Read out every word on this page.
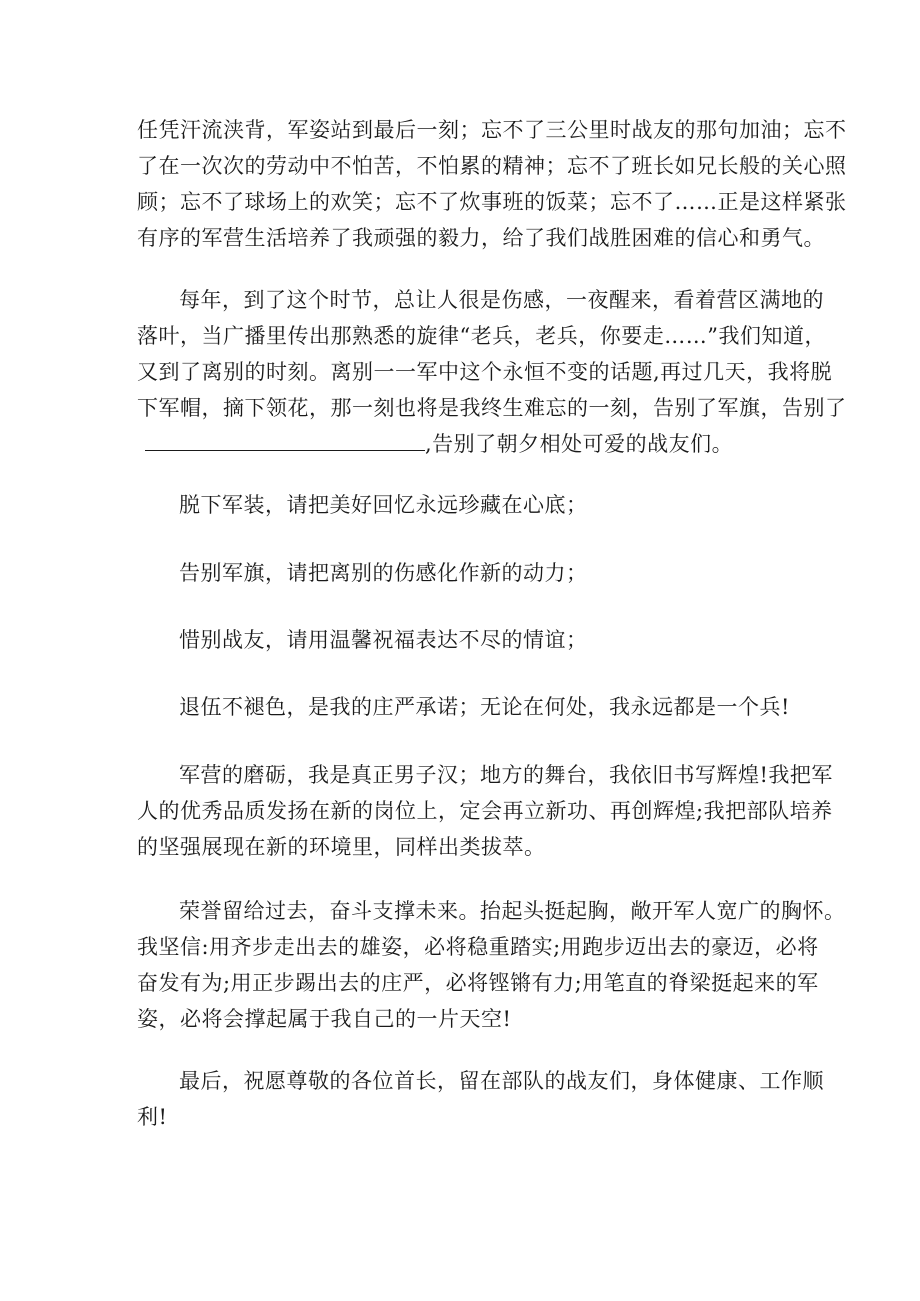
任凭汗流浃背，军姿站到最后一刻；忘不了三公里时战友的那句加油；忘不
了在一次次的劳动中不怕苦，不怕累的精神；忘不了班长如兄长般的关心照
顾；忘不了球场上的欢笑；忘不了炊事班的饭菜；忘不了……正是这样紧张
有序的军营生活培养了我顽强的毅力，给了我们战胜困难的信心和勇气。
每年，到了这个时节，总让人很是伤感，一夜醒来，看着营区满地的
落叶，当广播里传出那熟悉的旋律“老兵，老兵，你要走……”我们知道，
又到了离别的时刻。离别一一军中这个永恒不变的话题,再过几天，我将脱
下军帽，摘下领花，那一刻也将是我终生难忘的一刻，告别了军旗，告别了
,告别了朝夕相处可爱的战友们。
脱下军装，请把美好回忆永远珍藏在心底；
告别军旗，请把离别的伤感化作新的动力；
惜别战友，请用温馨祝福表达不尽的情谊；
退伍不褪色，是我的庄严承诺；无论在何处，我永远都是一个兵!
军营的磨砺，我是真正男子汉；地方的舞台，我依旧书写辉煌!我把军
人的优秀品质发扬在新的岗位上，定会再立新功、再创辉煌;我把部队培养
的坚强展现在新的环境里，同样出类拔萃。
荣誉留给过去，奋斗支撑未来。抬起头挺起胸，敞开军人宽广的胸怀。
我坚信:用齐步走出去的雄姿，必将稳重踏实;用跑步迈出去的豪迈，必将
奋发有为;用正步踢出去的庄严，必将铿锵有力;用笔直的脊梁挺起来的军
姿，必将会撑起属于我自己的一片天空!
最后，祝愿尊敬的各位首长，留在部队的战友们，身体健康、工作顺
利!
